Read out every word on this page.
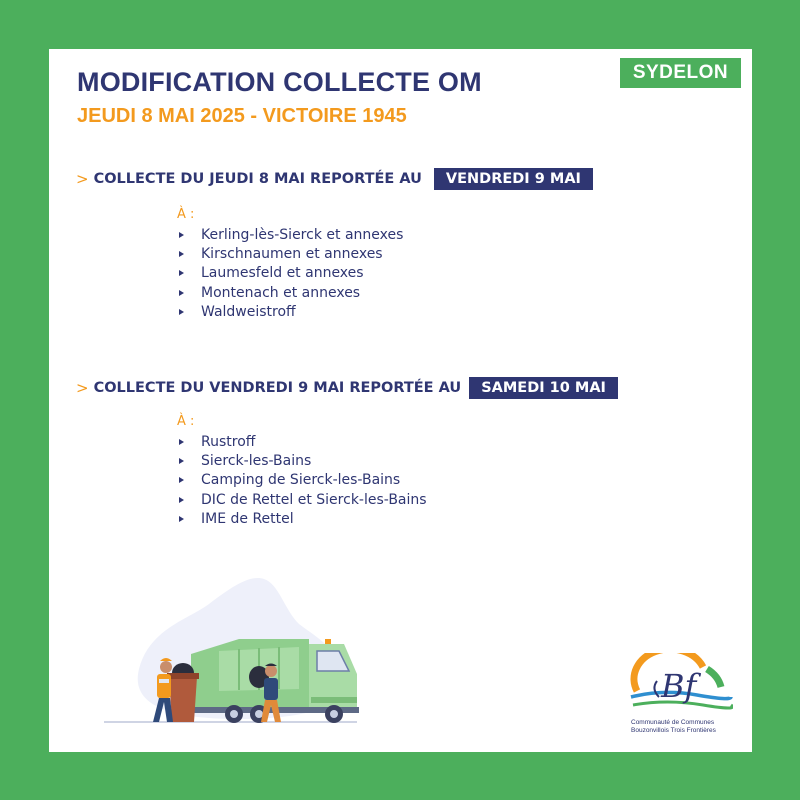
SYDELON
MODIFICATION COLLECTE OM
JEUDI 8 MAI 2025 - VICTOIRE 1945
> COLLECTE DU JEUDI 8 MAI REPORTÉE AU	VENDREDI 9 MAI
À :
Kerling-lès-Sierck et annexes
Kirschnaumen et annexes
Laumesfeld et annexes
Montenach et annexes
Waldweistroff
> COLLECTE DU VENDREDI 9 MAI REPORTÉE AU	SAMEDI 10 MAI
À :
Rustroff
Sierck-les-Bains
Camping de Sierck-les-Bains
DIC de Rettel et Sierck-les-Bains
IME de Rettel
Bf
Communauté de Communes
Bouzonvillois Trois Frontières
